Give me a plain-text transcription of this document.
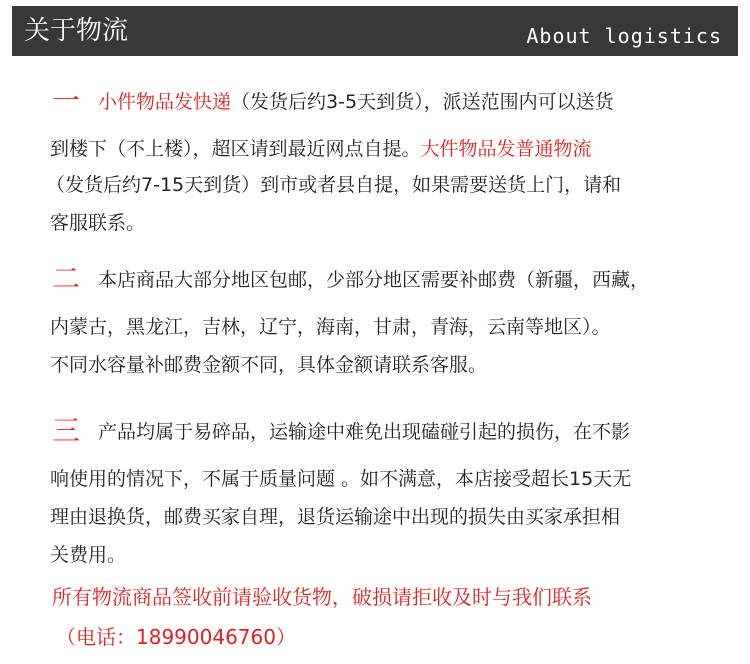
关于物流	About logistics
一 小件物品发快递（发货后约3-5天到货），派送范围内可以送货
到楼下（不上楼），超区请到最近网点自提。大件物品发普通物流
（发货后约7-15天到货）到市或者县自提，如果需要送货上门，请和
客服联系。
二 本店商品大部分地区包邮，少部分地区需要补邮费（新疆，西藏，
内蒙古，黑龙江，吉林，辽宁，海南，甘肃，青海，云南等地区）。
不同水容量补邮费金额不同，具体金额请联系客服。
三 产品均属于易碎品，运输途中难免出现磕碰引起的损伤，在不影
响使用的情况下，不属于质量问题 。如不满意，本店接受超长15天无
理由退换货，邮费买家自理，退货运输途中出现的损失由买家承担相
关费用。
所有物流商品签收前请验收货物，破损请拒收及时与我们联系
（电话：18990046760）
